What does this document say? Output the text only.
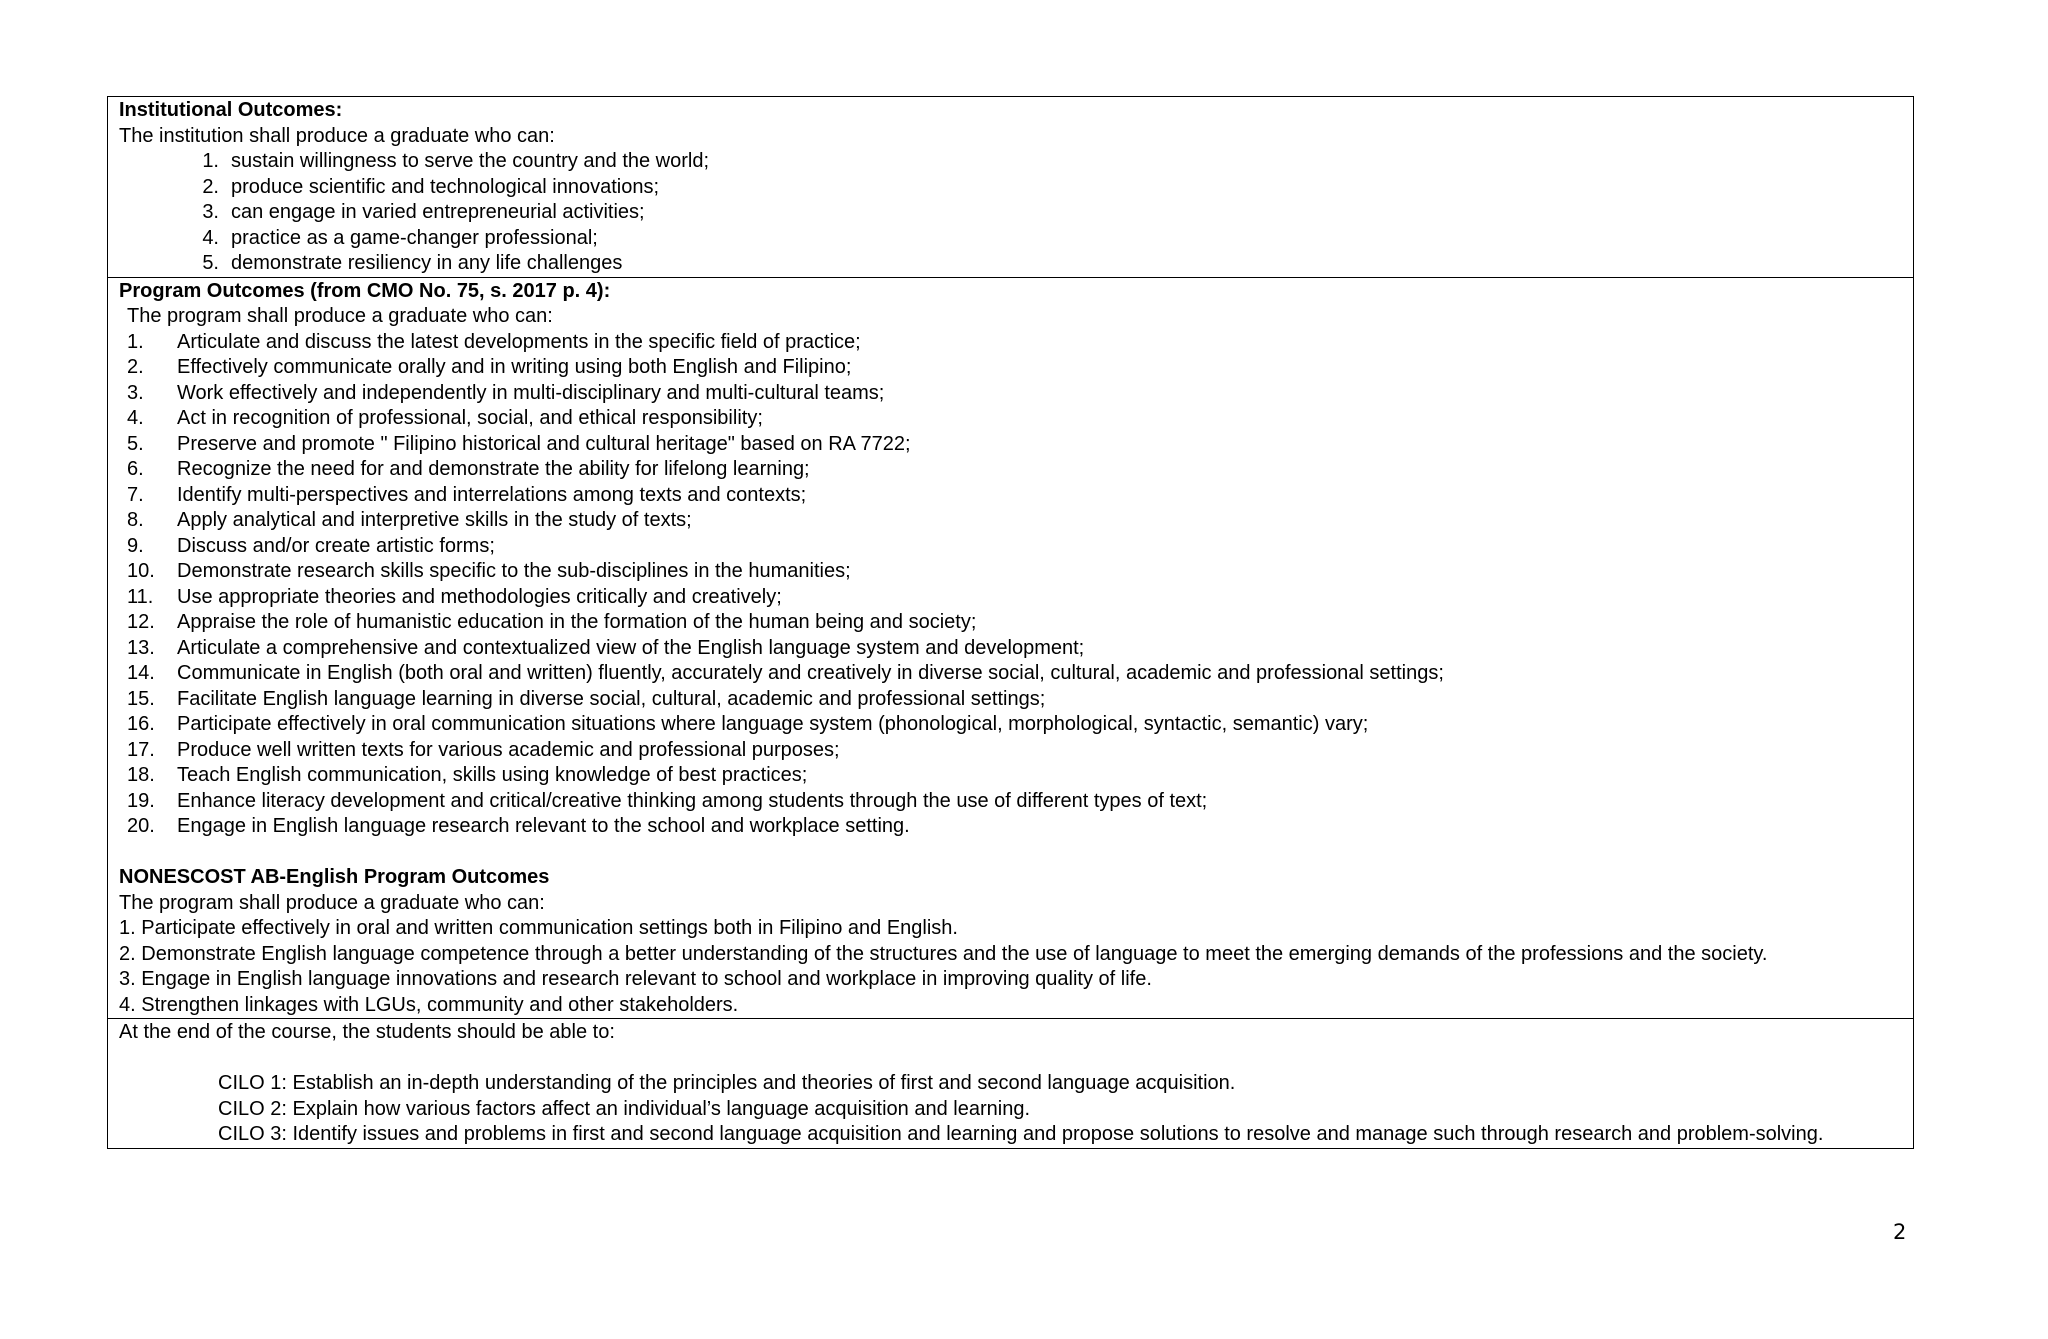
Institutional Outcomes:
The institution shall produce a graduate who can:
1. sustain willingness to serve the country and the world;
2. produce scientific and technological innovations;
3. can engage in varied entrepreneurial activities;
4. practice as a game-changer professional;
5. demonstrate resiliency in any life challenges
Program Outcomes (from CMO No. 75, s. 2017 p. 4):
The program shall produce a graduate who can:
1.	Articulate and discuss the latest developments in the specific field of practice;
2.	Effectively communicate orally and in writing using both English and Filipino;
3.	Work effectively and independently in multi-disciplinary and multi-cultural teams;
4.	Act in recognition of professional, social, and ethical responsibility;
5.	Preserve and promote " Filipino historical and cultural heritage" based on RA 7722;
6.	Recognize the need for and demonstrate the ability for lifelong learning;
7.	Identify multi-perspectives and interrelations among texts and contexts;
8.	Apply analytical and interpretive skills in the study of texts;
9.	Discuss and/or create artistic forms;
10.	Demonstrate research skills specific to the sub-disciplines in the humanities;
11.	Use appropriate theories and methodologies critically and creatively;
12.	Appraise the role of humanistic education in the formation of the human being and society;
13.	Articulate a comprehensive and contextualized view of the English language system and development;
14.	Communicate in English (both oral and written) fluently, accurately and creatively in diverse social, cultural, academic and professional settings;
15.	Facilitate English language learning in diverse social, cultural, academic and professional settings;
16.	Participate effectively in oral communication situations where language system (phonological, morphological, syntactic, semantic) vary;
17.	Produce well written texts for various academic and professional purposes;
18.	Teach English communication, skills using knowledge of best practices;
19.	Enhance literacy development and critical/creative thinking among students through the use of different types of text;
20.	Engage in English language research relevant to the school and workplace setting.
NONESCOST AB-English Program Outcomes
The program shall produce a graduate who can:
1. Participate effectively in oral and written communication settings both in Filipino and English.
2. Demonstrate English language competence through a better understanding of the structures and the use of language to meet the emerging demands of the professions and the society.
3. Engage in English language innovations and research relevant to school and workplace in improving quality of life.
4. Strengthen linkages with LGUs, community and other stakeholders.
At the end of the course, the students should be able to:
CILO 1: Establish an in-depth understanding of the principles and theories of first and second language acquisition.
CILO 2: Explain how various factors affect an individual’s language acquisition and learning.
CILO 3: Identify issues and problems in first and second language acquisition and learning and propose solutions to resolve and manage such through research and problem-solving.
2
